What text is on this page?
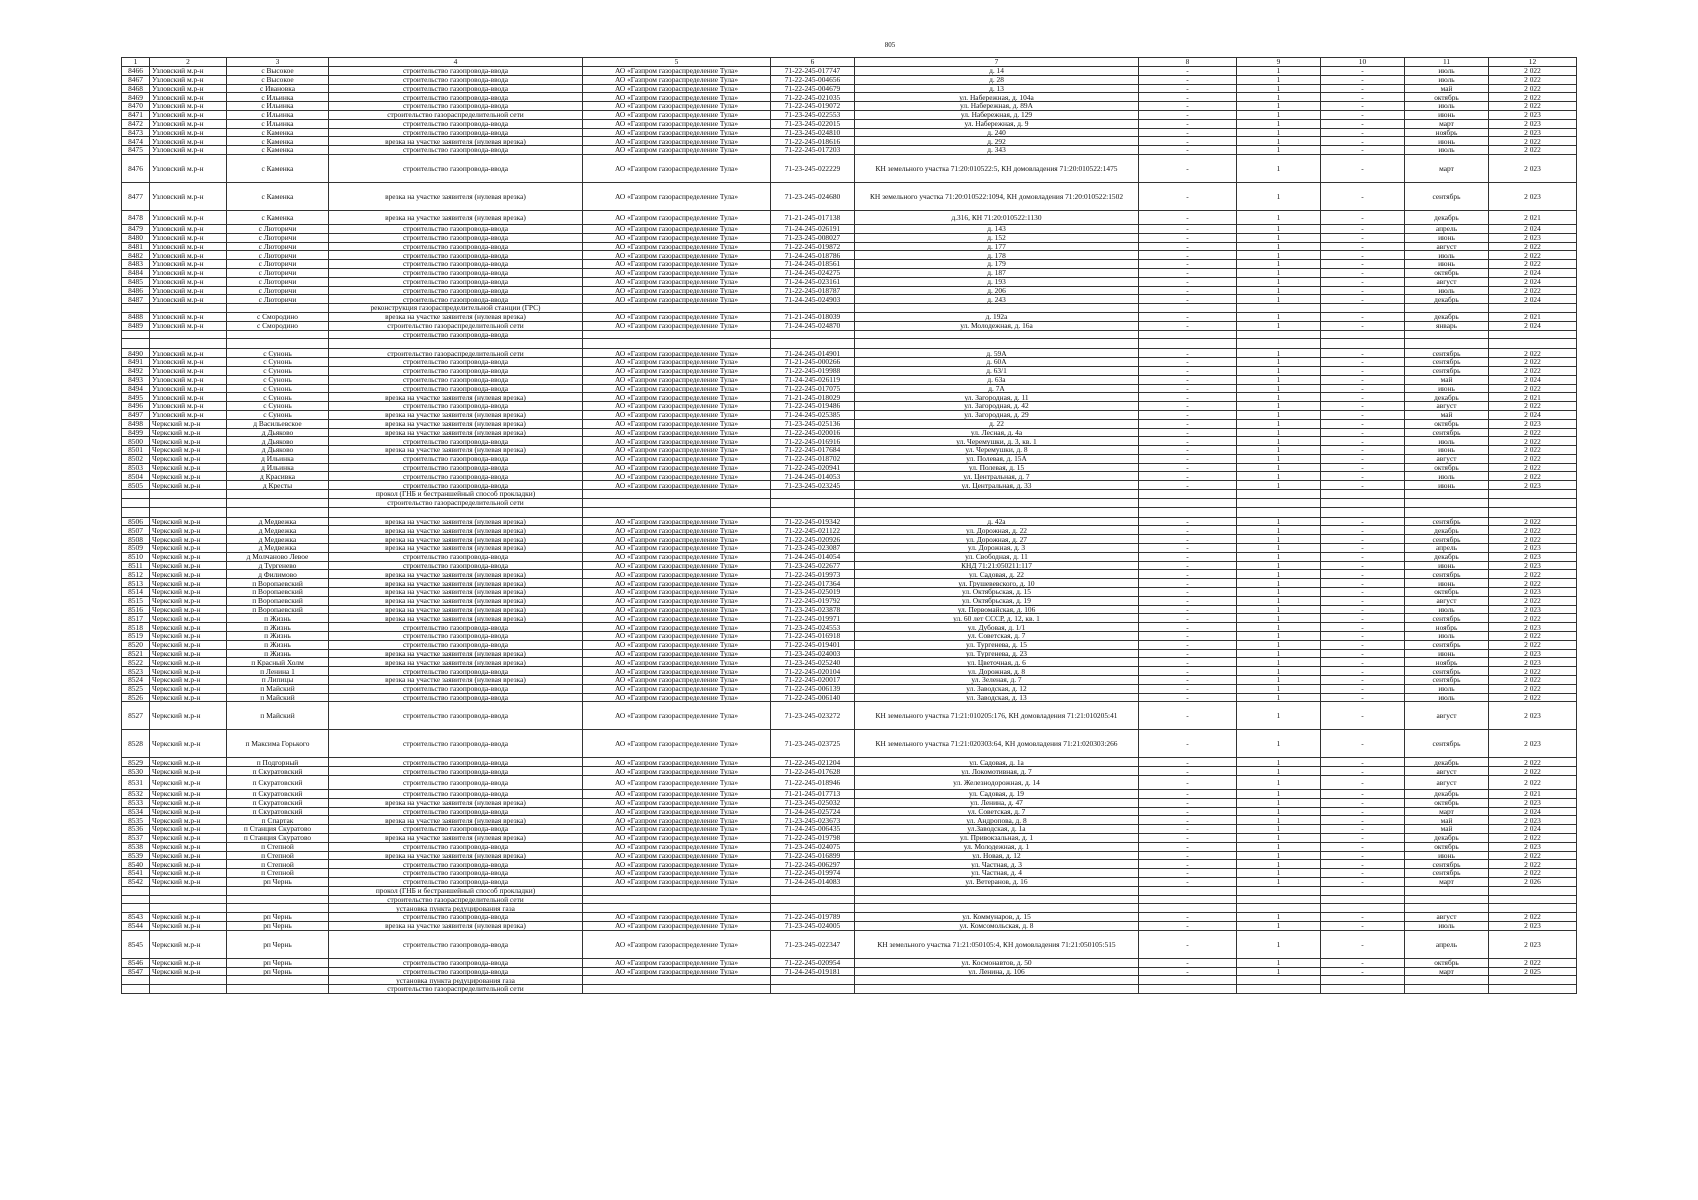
805
1	2	3	4	5	6	7	8	9	10	11	12
8466	Узловский м.р-н	с Высокое	строительство газопровода-ввода	АО «Газпром газораспределение Тула»	71-22-245-017747	д. 14	-	1	-	июль	2 022
8467	Узловский м.р-н	с Высокое	строительство газопровода-ввода	АО «Газпром газораспределение Тула»	71-22-245-004656	д. 28	-	1	-	июль	2 022
8468	Узловский м.р-н	с Ивановка	строительство газопровода-ввода	АО «Газпром газораспределение Тула»	71-22-245-004679	д. 13	-	1	-	май	2 022
8469	Узловский м.р-н	с Ильинка	строительство газопровода-ввода	АО «Газпром газораспределение Тула»	71-22-245-021035	ул. Набережная, д. 104а	-	1	-	октябрь	2 022
8470	Узловский м.р-н	с Ильинка	строительство газопровода-ввода	АО «Газпром газораспределение Тула»	71-22-245-019072	ул. Набережная, д. 89А	-	1	-	июль	2 022
8471	Узловский м.р-н	с Ильинка	строительство газораспределительной сети	АО «Газпром газораспределение Тула»	71-23-245-022553	ул. Набережная, д. 129	-	1	-	июнь	2 023
8472	Узловский м.р-н	с Ильинка	строительство газопровода-ввода	АО «Газпром газораспределение Тула»	71-23-245-022015	ул. Набережная, д. 9	-	1	-	март	2 023
8473	Узловский м.р-н	с Каменка	строительство газопровода-ввода	АО «Газпром газораспределение Тула»	71-23-245-024810	д. 240	-	1	-	ноябрь	2 023
8474	Узловский м.р-н	с Каменка	врезка на участке заявителя (нулевая врезка)	АО «Газпром газораспределение Тула»	71-22-245-018616	д. 292	-	1	-	июнь	2 022
8475	Узловский м.р-н	с Каменка	строительство газопровода-ввода	АО «Газпром газораспределение Тула»	71-22-245-017203	д. 343	-	1	-	июль	2 022
8476	Узловский м.р-н	с Каменка	строительство газопровода-ввода	АО «Газпром газораспределение Тула»	71-23-245-022229	КН земельного участка 71:20:010522:5, КН домовладения 71:20:010522:1475	-	1	-	март	2 023
8477	Узловский м.р-н	с Каменка	врезка на участке заявителя (нулевая врезка)	АО «Газпром газораспределение Тула»	71-23-245-024680	КН земельного участка 71:20:010522:1094, КН домовладения 71:20:010522:1502	-	1	-	сентябрь	2 023
8478	Узловский м.р-н	с Каменка	врезка на участке заявителя (нулевая врезка)	АО «Газпром газораспределение Тула»	71-21-245-017138	д.316, КН 71:20:010522:1130	-	1	-	декабрь	2 021
8479	Узловский м.р-н	с Люторичи	строительство газопровода-ввода	АО «Газпром газораспределение Тула»	71-24-245-026191	д. 143	-	1	-	апрель	2 024
8480	Узловский м.р-н	с Люторичи	строительство газопровода-ввода	АО «Газпром газораспределение Тула»	71-23-245-008027	д. 152	-	1	-	июнь	2 023
8481	Узловский м.р-н	с Люторичи	строительство газопровода-ввода	АО «Газпром газораспределение Тула»	71-22-245-019872	д. 177	-	1	-	август	2 022
8482	Узловский м.р-н	с Люторичи	строительство газопровода-ввода	АО «Газпром газораспределение Тула»	71-24-245-018786	д. 178	-	1	-	июль	2 022
8483	Узловский м.р-н	с Люторичи	строительство газопровода-ввода	АО «Газпром газораспределение Тула»	71-24-245-018561	д. 179	-	1	-	июнь	2 022
8484	Узловский м.р-н	с Люторичи	строительство газопровода-ввода	АО «Газпром газораспределение Тула»	71-24-245-024275	д. 187	-	1	-	октябрь	2 024
8485	Узловский м.р-н	с Люторичи	строительство газопровода-ввода	АО «Газпром газораспределение Тула»	71-24-245-023161	д. 193	-	1	-	август	2 024
8486	Узловский м.р-н	с Люторичи	строительство газопровода-ввода	АО «Газпром газораспределение Тула»	71-22-245-018787	д. 206	-	1	-	июль	2 022
8487	Узловский м.р-н	с Люторичи	строительство газопровода-ввода	АО «Газпром газораспределение Тула»	71-24-245-024903	д. 243	-	1	-	декабрь	2 024
			реконструкция газораспределительной станции (ГРС)								
8488	Узловский м.р-н	с Смородино	врезка на участке заявителя (нулевая врезка)	АО «Газпром газораспределение Тула»	71-21-245-018039	д. 192а	-	1	-	декабрь	2 021
8489	Узловский м.р-н	с Смородино	строительство газораспределительной сети	АО «Газпром газораспределение Тула»	71-24-245-024870	ул. Молодежная, д. 16а	-	1	-	январь	2 024
			строительство газопровода-ввода								

8490	Узловский м.р-н	с Сунонь	строительство газораспределительной сети	АО «Газпром газораспределение Тула»	71-24-245-014901	д. 59А	-	1	-	сентябрь	2 022
8491	Узловский м.р-н	с Сунонь	строительство газопровода-ввода	АО «Газпром газораспределение Тула»	71-21-245-000266	д. 60А	-	1	-	сентябрь	2 022
8492	Узловский м.р-н	с Сунонь	строительство газопровода-ввода	АО «Газпром газораспределение Тула»	71-22-245-019988	д. 63/1	-	1	-	сентябрь	2 022
8493	Узловский м.р-н	с Сунонь	строительство газопровода-ввода	АО «Газпром газораспределение Тула»	71-24-245-026119	д. 63а	-	1	-	май	2 024
8494	Узловский м.р-н	с Сунонь	строительство газопровода-ввода	АО «Газпром газораспределение Тула»	71-22-245-017075	д. 7А	-	1	-	июнь	2 022
8495	Узловский м.р-н	с Сунонь	врезка на участке заявителя (нулевая врезка)	АО «Газпром газораспределение Тула»	71-21-245-018029	ул. Загородная, д. 11	-	1	-	декабрь	2 021
8496	Узловский м.р-н	с Сунонь	строительство газопровода-ввода	АО «Газпром газораспределение Тула»	71-22-245-019486	ул. Загородная, д. 42	-	1	-	август	2 022
8497	Узловский м.р-н	с Сунонь	врезка на участке заявителя (нулевая врезка)	АО «Газпром газораспределение Тула»	71-24-245-025385	ул. Загородная, д. 29	-	1	-	май	2 024
8498	Черкский м.р-н	д Васильевское	врезка на участке заявителя (нулевая врезка)	АО «Газпром газораспределение Тула»	71-23-245-025136	д. 22	-	1	-	октябрь	2 023
8499	Черкский м.р-н	д Дьяково	врезка на участке заявителя (нулевая врезка)	АО «Газпром газораспределение Тула»	71-22-245-020016	ул. Лесная, д. 4а	-	1	-	сентябрь	2 022
8500	Черкский м.р-н	д Дьяково	строительство газопровода-ввода	АО «Газпром газораспределение Тула»	71-22-245-016916	ул. Черемушки, д. 3, кв. 1	-	1	-	июль	2 022
8501	Черкский м.р-н	д Дьяково	врезка на участке заявителя (нулевая врезка)	АО «Газпром газораспределение Тула»	71-22-245-017684	ул. Черемушки, д. 8	-	1	-	июнь	2 022
8502	Черкский м.р-н	д Ильинка	строительство газопровода-ввода	АО «Газпром газораспределение Тула»	71-22-245-018702	ул. Полевая, д. 15А	-	1	-	август	2 022
8503	Черкский м.р-н	д Ильинка	строительство газопровода-ввода	АО «Газпром газораспределение Тула»	71-22-245-020941	ул. Полевая, д. 15	-	1	-	октябрь	2 022
8504	Черкский м.р-н	д Красивка	строительство газопровода-ввода	АО «Газпром газораспределение Тула»	71-24-245-014053	ул. Центральная, д. 7	-	1	-	июль	2 022
8505	Черкский м.р-н	д Кресты	строительство газопровода-ввода	АО «Газпром газораспределение Тула»	71-23-245-023245	ул. Центральная, д. 33	-	1	-	июнь	2 023
			прокол (ГНБ и бестраншейный способ прокладки)								
			строительство газораспределительной сети								

8506	Черкский м.р-н	д Медвежка	врезка на участке заявителя (нулевая врезка)	АО «Газпром газораспределение Тула»	71-22-245-019342	д. 42а	-	1	-	сентябрь	2 022
8507	Черкский м.р-н	д Медвежка	врезка на участке заявителя (нулевая врезка)	АО «Газпром газораспределение Тула»	71-22-245-021122	ул. Дорожная, д. 22	-	1	-	декабрь	2 022
8508	Черкский м.р-н	д Медвежка	врезка на участке заявителя (нулевая врезка)	АО «Газпром газораспределение Тула»	71-22-245-020926	ул. Дорожная, д. 27	-	1	-	сентябрь	2 022
8509	Черкский м.р-н	д Медвежка	врезка на участке заявителя (нулевая врезка)	АО «Газпром газораспределение Тула»	71-23-245-023087	ул. Дорожная, д. 3	-	1	-	апрель	2 023
8510	Черкский м.р-н	д Молчаново Левое	строительство газопровода-ввода	АО «Газпром газораспределение Тула»	71-24-245-014054	ул. Свободная, д. 11	-	1	-	декабрь	2 023
8511	Черкский м.р-н	д Тургенево	строительство газопровода-ввода	АО «Газпром газораспределение Тула»	71-23-245-022677	КНД 71:21:050211:117	-	1	-	июнь	2 023
8512	Черкский м.р-н	д Филимово	врезка на участке заявителя (нулевая врезка)	АО «Газпром газораспределение Тула»	71-22-245-019973	ул. Садовая, д. 22	-	1	-	сентябрь	2 022
8513	Черкский м.р-н	п Воропаевский	врезка на участке заявителя (нулевая врезка)	АО «Газпром газораспределение Тула»	71-22-245-017364	ул. Грушевевского, д. 10	-	1	-	июнь	2 022
8514	Черкский м.р-н	п Воропаевский	врезка на участке заявителя (нулевая врезка)	АО «Газпром газораспределение Тула»	71-23-245-025019	ул. Октябрьская, д. 15	-	1	-	октябрь	2 023
8515	Черкский м.р-н	п Воропаевский	врезка на участке заявителя (нулевая врезка)	АО «Газпром газораспределение Тула»	71-22-245-019792	ул. Октябрьская, д. 19	-	1	-	август	2 022
8516	Черкский м.р-н	п Воропаевский	врезка на участке заявителя (нулевая врезка)	АО «Газпром газораспределение Тула»	71-23-245-023878	ул. Первомайская, д. 106	-	1	-	июль	2 023
8517	Черкский м.р-н	п Жизнь	врезка на участке заявителя (нулевая врезка)	АО «Газпром газораспределение Тула»	71-22-245-019971	ул. 60 лет СССР, д. 12, кв. 1	-	1	-	сентябрь	2 022
8518	Черкский м.р-н	п Жизнь	строительство газопровода-ввода	АО «Газпром газораспределение Тула»	71-23-245-024553	ул. Дубовая, д. 1/1	-	1	-	ноябрь	2 023
8519	Черкский м.р-н	п Жизнь	строительство газопровода-ввода	АО «Газпром газораспределение Тула»	71-22-245-016918	ул. Советская, д. 7	-	1	-	июль	2 022
8520	Черкский м.р-н	п Жизнь	строительство газопровода-ввода	АО «Газпром газораспределение Тула»	71-22-245-019401	ул. Тургенева, д. 15	-	1	-	сентябрь	2 022
8521	Черкский м.р-н	п Жизнь	врезка на участке заявителя (нулевая врезка)	АО «Газпром газораспределение Тула»	71-23-245-024003	ул. Тургенева, д. 23	-	1	-	июнь	2 023
8522	Черкский м.р-н	п Красный Холм	врезка на участке заявителя (нулевая врезка)	АО «Газпром газораспределение Тула»	71-23-245-025240	ул. Цветочная, д. 6	-	1	-	ноябрь	2 023
8523	Черкский м.р-н	п Ленина 1	строительство газопровода-ввода	АО «Газпром газораспределение Тула»	71-22-245-020104	ул. Дорожная, д. 8	-	1	-	сентябрь	2 022
8524	Черкский м.р-н	п Липицы	врезка на участке заявителя (нулевая врезка)	АО «Газпром газораспределение Тула»	71-22-245-020017	ул. Зеленая, д. 7	-	1	-	сентябрь	2 022
8525	Черкский м.р-н	п Майский	строительство газопровода-ввода	АО «Газпром газораспределение Тула»	71-22-245-006139	ул. Заводская, д. 12	-	1	-	июль	2 022
8526	Черкский м.р-н	п Майский	строительство газопровода-ввода	АО «Газпром газораспределение Тула»	71-22-245-006140	ул. Заводская, д. 13	-	1	-	июль	2 022
8527	Черкский м.р-н	п Майский	строительство газопровода-ввода	АО «Газпром газораспределение Тула»	71-23-245-023272	КН земельного участка 71:21:010205:176, КН домовладения 71:21:010205:41	-	1	-	август	2 023
8528	Черкский м.р-н	п Максима Горького	строительство газопровода-ввода	АО «Газпром газораспределение Тула»	71-23-245-023725	КН земельного участка 71:21:020303:64, КН домовладения 71:21:020303:266	-	1	-	сентябрь	2 023
8529	Черкский м.р-н	п Подгорный	строительство газопровода-ввода	АО «Газпром газораспределение Тула»	71-22-245-021204	ул. Садовая, д. 1а	-	1	-	декабрь	2 022
8530	Черкский м.р-н	п Скуратовский	строительство газопровода-ввода	АО «Газпром газораспределение Тула»	71-22-245-017628	ул. Локомотивная, д. 7	-	1	-	август	2 022
8531	Черкский м.р-н	п Скуратовский	строительство газопровода-ввода	АО «Газпром газораспределение Тула»	71-22-245-018946	ул. Железнодорожная, д. 14	-	1	-	август	2 022
8532	Черкский м.р-н	п Скуратовский	строительство газопровода-ввода	АО «Газпром газораспределение Тула»	71-21-245-017713	ул. Садовая, д. 19	-	1	-	декабрь	2 021
8533	Черкский м.р-н	п Скуратовский	врезка на участке заявителя (нулевая врезка)	АО «Газпром газораспределение Тула»	71-23-245-025032	ул. Ленина, д. 47	-	1	-	октябрь	2 023
8534	Черкский м.р-н	п Скуратовский	строительство газопровода-ввода	АО «Газпром газораспределение Тула»	71-24-245-025724	ул. Советская, д. 7	-	1	-	март	2 024
8535	Черкский м.р-н	п Спартак	врезка на участке заявителя (нулевая врезка)	АО «Газпром газораспределение Тула»	71-23-245-023673	ул. Андропова, д. 8	-	1	-	май	2 023
8536	Черкский м.р-н	п Станция Скуратово	строительство газопровода-ввода	АО «Газпром газораспределение Тула»	71-24-245-006435	ул.Заводская, д. 1а	-	1	-	май	2 024
8537	Черкский м.р-н	п Станция Скуратово	врезка на участке заявителя (нулевая врезка)	АО «Газпром газораспределение Тула»	71-22-245-019798	ул. Привокзальная, д. 1	-	1	-	декабрь	2 022
8538	Черкский м.р-н	п Степной	строительство газопровода-ввода	АО «Газпром газораспределение Тула»	71-23-245-024075	ул. Молодежная, д. 1	-	1	-	октябрь	2 023
8539	Черкский м.р-н	п Степной	врезка на участке заявителя (нулевая врезка)	АО «Газпром газораспределение Тула»	71-22-245-016899	ул. Новая, д. 12	-	1	-	июнь	2 022
8540	Черкский м.р-н	п Степной	строительство газопровода-ввода	АО «Газпром газораспределение Тула»	71-22-245-006297	ул. Частная, д. 3	-	1	-	сентябрь	2 022
8541	Черкский м.р-н	п Степной	строительство газопровода-ввода	АО «Газпром газораспределение Тула»	71-22-245-019974	ул. Частная, д. 4	-	1	-	сентябрь	2 022
8542	Черкский м.р-н	рп Чернь	строительство газопровода-ввода	АО «Газпром газораспределение Тула»	71-24-245-014083	ул. Ветеранов, д. 16	-	1	-	март	2 026
			прокол (ГНБ и бестраншейный способ прокладки)								
			строительство газораспределительной сети								
			установка пункта редуцирования газа								
8543	Черкский м.р-н	рп Чернь	строительство газопровода-ввода	АО «Газпром газораспределение Тула»	71-22-245-019789	ул. Коммунаров, д. 15	-	1	-	август	2 022
8544	Черкский м.р-н	рп Чернь	врезка на участке заявителя (нулевая врезка)	АО «Газпром газораспределение Тула»	71-23-245-024005	ул. Комсомольская, д. 8	-	1	-	июль	2 023
8545	Черкский м.р-н	рп Чернь	строительство газопровода-ввода	АО «Газпром газораспределение Тула»	71-23-245-022347	КН земельного участка 71:21:050105:4, КН домовладения 71:21:050105:515	-	1	-	апрель	2 023
8546	Черкский м.р-н	рп Чернь	строительство газопровода-ввода	АО «Газпром газораспределение Тула»	71-22-245-020954	ул. Космонавтов, д. 50	-	1	-	октябрь	2 022
8547	Черкский м.р-н	рп Чернь	строительство газопровода-ввода	АО «Газпром газораспределение Тула»	71-24-245-019181	ул. Ленина, д. 106	-	1	-	март	2 025
			установка пункта редуцирования газа								
			строительство газораспределительной сети								
